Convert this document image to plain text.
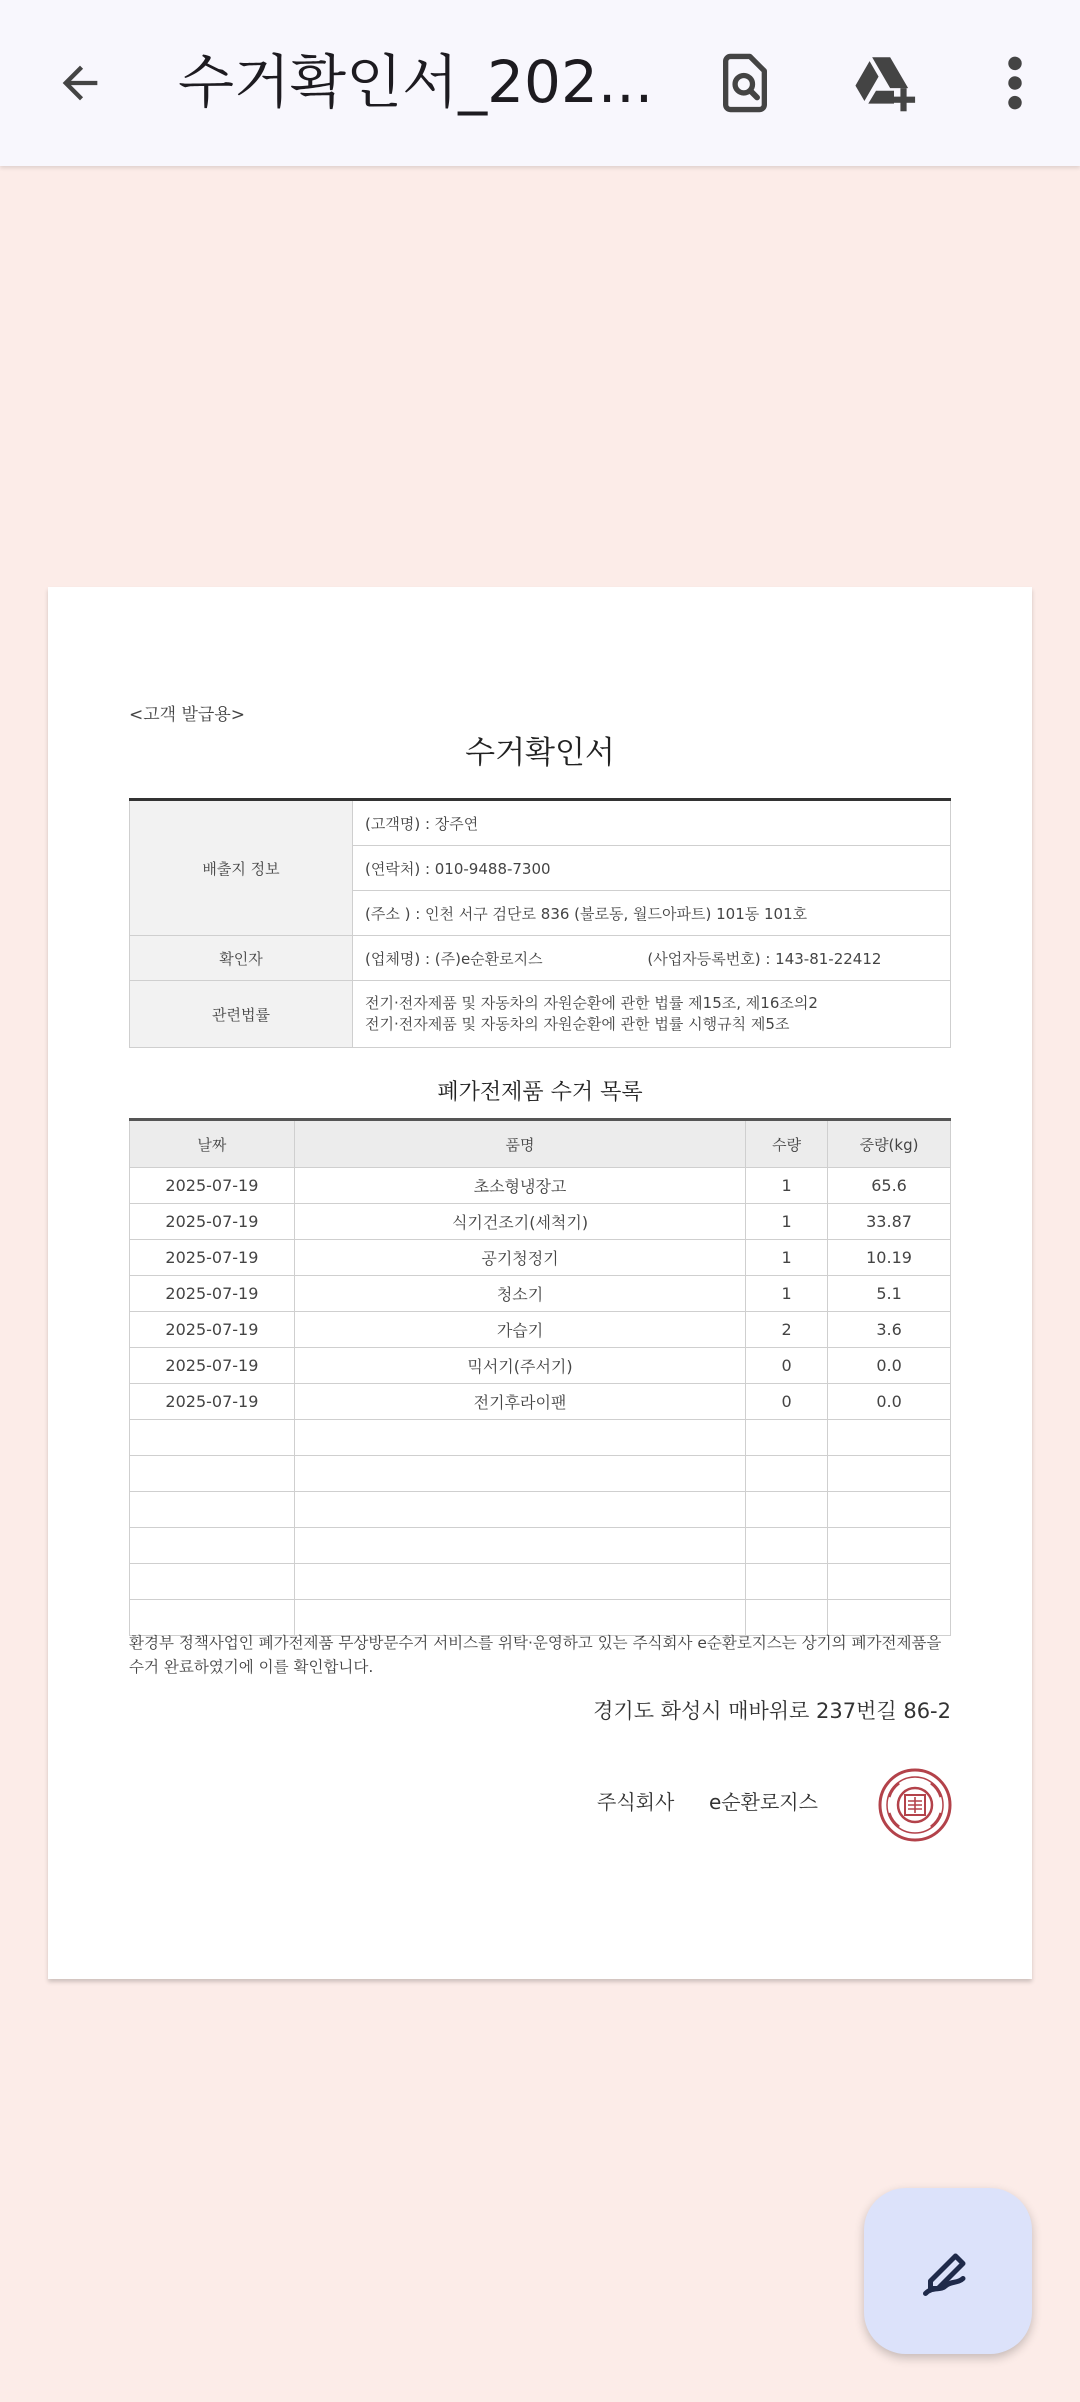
수거확인서_202...
<고객 발급용>
수거확인서
배출지 정보	(고객명) : 장주연
	(연락처) : 010-9488-7300
	(주소 ) : 인천 서구 검단로 836 (불로동, 월드아파트) 101동 101호
확인자	(업체명) : (주)e순환로지스 (사업자등록번호) : 143-81-22412
관련법률	전기·전자제품 및 자동차의 자원순환에 관한 법률 제15조, 제16조의2
전기·전자제품 및 자동차의 자원순환에 관한 법률 시행규칙 제5조
폐가전제품 수거 목록
날짜	품명	수량	중량(kg)
2025-07-19	초소형냉장고	1	65.6
2025-07-19	식기건조기(세척기)	1	33.87
2025-07-19	공기청정기	1	10.19
2025-07-19	청소기	1	5.1
2025-07-19	가습기	2	3.6
2025-07-19	믹서기(주서기)	0	0.0
2025-07-19	전기후라이팬	0	0.0

환경부 정책사업인 폐가전제품 무상방문수거 서비스를 위탁·운영하고 있는 주식회사 e순환로지스는 상기의 폐가전제품을
수거 완료하였기에 이를 확인합니다.
경기도 화성시 매바위로 237번길 86-2
주식회사 e순환로지스
